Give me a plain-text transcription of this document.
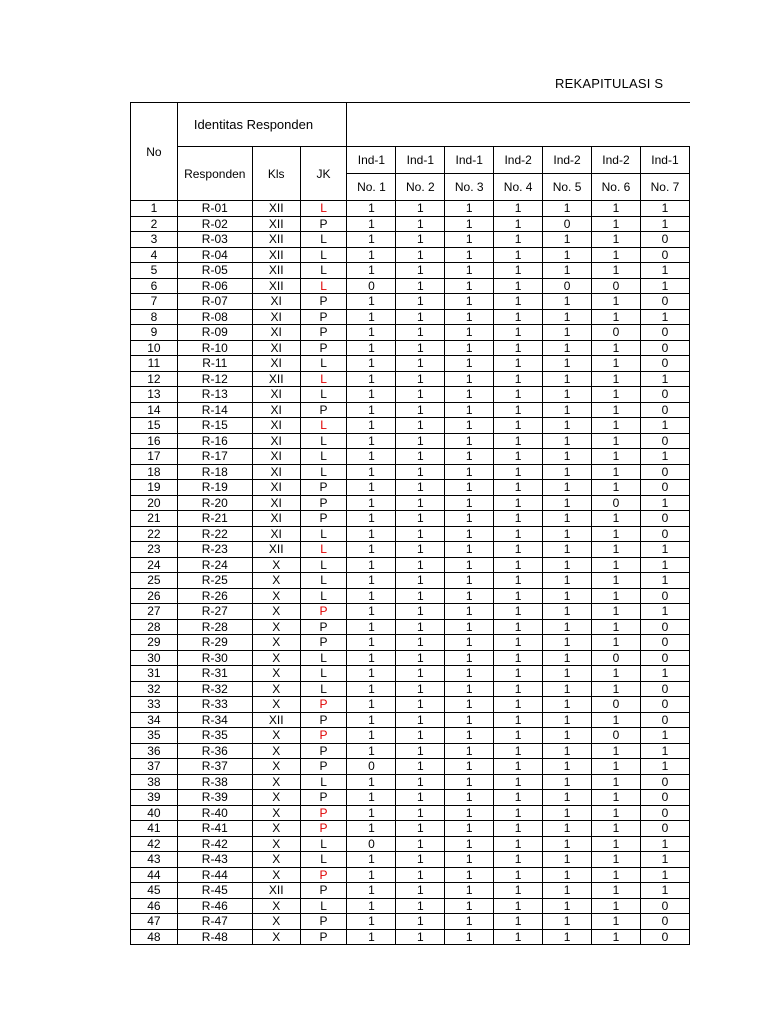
REKAPITULASI S
No	Identitas Responden									
	Responden	Kls	JK	Ind-1	Ind-1	Ind-1	Ind-2	Ind-2	Ind-2	Ind-1
				No. 1	No. 2	No. 3	No. 4	No. 5	No. 6	No. 7
1	R-01	XII	L	1	1	1	1	1	1	1
2	R-02	XII	P	1	1	1	1	0	1	1
3	R-03	XII	L	1	1	1	1	1	1	0
4	R-04	XII	L	1	1	1	1	1	1	0
5	R-05	XII	L	1	1	1	1	1	1	1
6	R-06	XII	L	0	1	1	1	0	0	1
7	R-07	XI	P	1	1	1	1	1	1	0
8	R-08	XI	P	1	1	1	1	1	1	1
9	R-09	XI	P	1	1	1	1	1	0	0
10	R-10	XI	P	1	1	1	1	1	1	0
11	R-11	XI	L	1	1	1	1	1	1	0
12	R-12	XII	L	1	1	1	1	1	1	1
13	R-13	XI	L	1	1	1	1	1	1	0
14	R-14	XI	P	1	1	1	1	1	1	0
15	R-15	XI	L	1	1	1	1	1	1	1
16	R-16	XI	L	1	1	1	1	1	1	0
17	R-17	XI	L	1	1	1	1	1	1	1
18	R-18	XI	L	1	1	1	1	1	1	0
19	R-19	XI	P	1	1	1	1	1	1	0
20	R-20	XI	P	1	1	1	1	1	0	1
21	R-21	XI	P	1	1	1	1	1	1	0
22	R-22	XI	L	1	1	1	1	1	1	0
23	R-23	XII	L	1	1	1	1	1	1	1
24	R-24	X	L	1	1	1	1	1	1	1
25	R-25	X	L	1	1	1	1	1	1	1
26	R-26	X	L	1	1	1	1	1	1	0
27	R-27	X	P	1	1	1	1	1	1	1
28	R-28	X	P	1	1	1	1	1	1	0
29	R-29	X	P	1	1	1	1	1	1	0
30	R-30	X	L	1	1	1	1	1	0	0
31	R-31	X	L	1	1	1	1	1	1	1
32	R-32	X	L	1	1	1	1	1	1	0
33	R-33	X	P	1	1	1	1	1	0	0
34	R-34	XII	P	1	1	1	1	1	1	0
35	R-35	X	P	1	1	1	1	1	0	1
36	R-36	X	P	1	1	1	1	1	1	1
37	R-37	X	P	0	1	1	1	1	1	1
38	R-38	X	L	1	1	1	1	1	1	0
39	R-39	X	P	1	1	1	1	1	1	0
40	R-40	X	P	1	1	1	1	1	1	0
41	R-41	X	P	1	1	1	1	1	1	0
42	R-42	X	L	0	1	1	1	1	1	1
43	R-43	X	L	1	1	1	1	1	1	1
44	R-44	X	P	1	1	1	1	1	1	1
45	R-45	XII	P	1	1	1	1	1	1	1
46	R-46	X	L	1	1	1	1	1	1	0
47	R-47	X	P	1	1	1	1	1	1	0
48	R-48	X	P	1	1	1	1	1	1	0
